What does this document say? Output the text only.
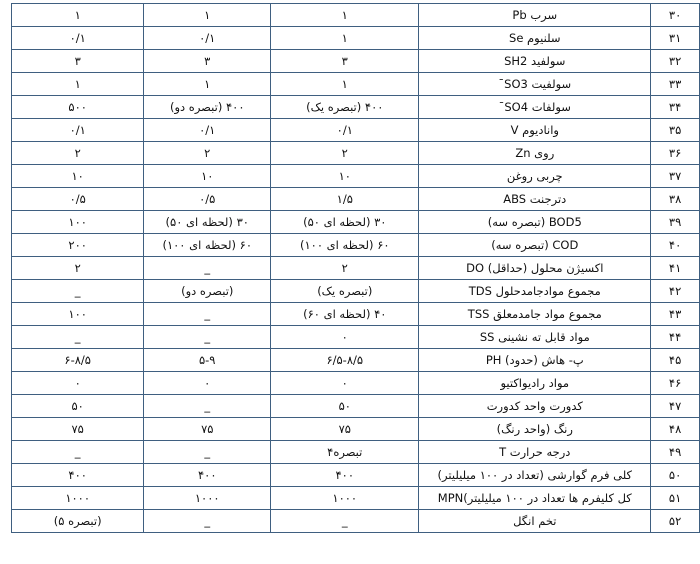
۳۰	سرب Pb	۱	۱	۱
۳۱	سلنیوم Se	۱	۰/۱	۰/۱
۳۲	سولفید SH2	۳	۳	۳
۳۳	سولفیت SO3¯	۱	۱	۱
۳۴	سولفات SO4¯	۴۰۰ (تبصره یک)	۴۰۰ (تبصره دو)	۵۰۰
۳۵	وانادیوم V	۰/۱	۰/۱	۰/۱
۳۶	روی Zn	۲	۲	۲
۳۷	چربی روغن	۱۰	۱۰	۱۰
۳۸	دترجنت ABS	۱/۵	۰/۵	۰/۵
۳۹	BOD5 (تبصره سه)	۳۰ (لحظه ای ۵۰)	۳۰ (لحظه ای ۵۰)	۱۰۰
۴۰	COD (تبصره سه)	۶۰ (لحظه ای ۱۰۰)	۶۰ (لحظه ای ۱۰۰)	۲۰۰
۴۱	اکسیژن محلول (حداقل) DO	۲	_	۲
۴۲	مجموع موادجامدحلول TDS	(تبصره یک)	(تبصره دو)	_
۴۳	مجموع مواد جامدمعلق TSS	۴۰ (لحظه ای ۶۰)	_	۱۰۰
۴۴	مواد قابل ته نشینی SS	۰	_	_
۴۵	پ- هاش (حدود) PH	۶/۵-۸/۵	۵-۹	۶-۸/۵
۴۶	مواد رادیواکتیو	۰	۰	۰
۴۷	کدورت واحد کدورت	۵۰	_	۵۰
۴۸	رنگ (واحد رنگ)	۷۵	۷۵	۷۵
۴۹	درجه حرارت T	تبصره۴	_	_
۵۰	کلی فرم گوارشی (تعداد در ۱۰۰ میلیلیتر)	۴۰۰	۴۰۰	۴۰۰
۵۱	کل کلیفرم ها تعداد در ۱۰۰ میلیلیتر)MPN	۱۰۰۰	۱۰۰۰	۱۰۰۰
۵۲	تخم انگل	_	_	(تبصره ۵)
